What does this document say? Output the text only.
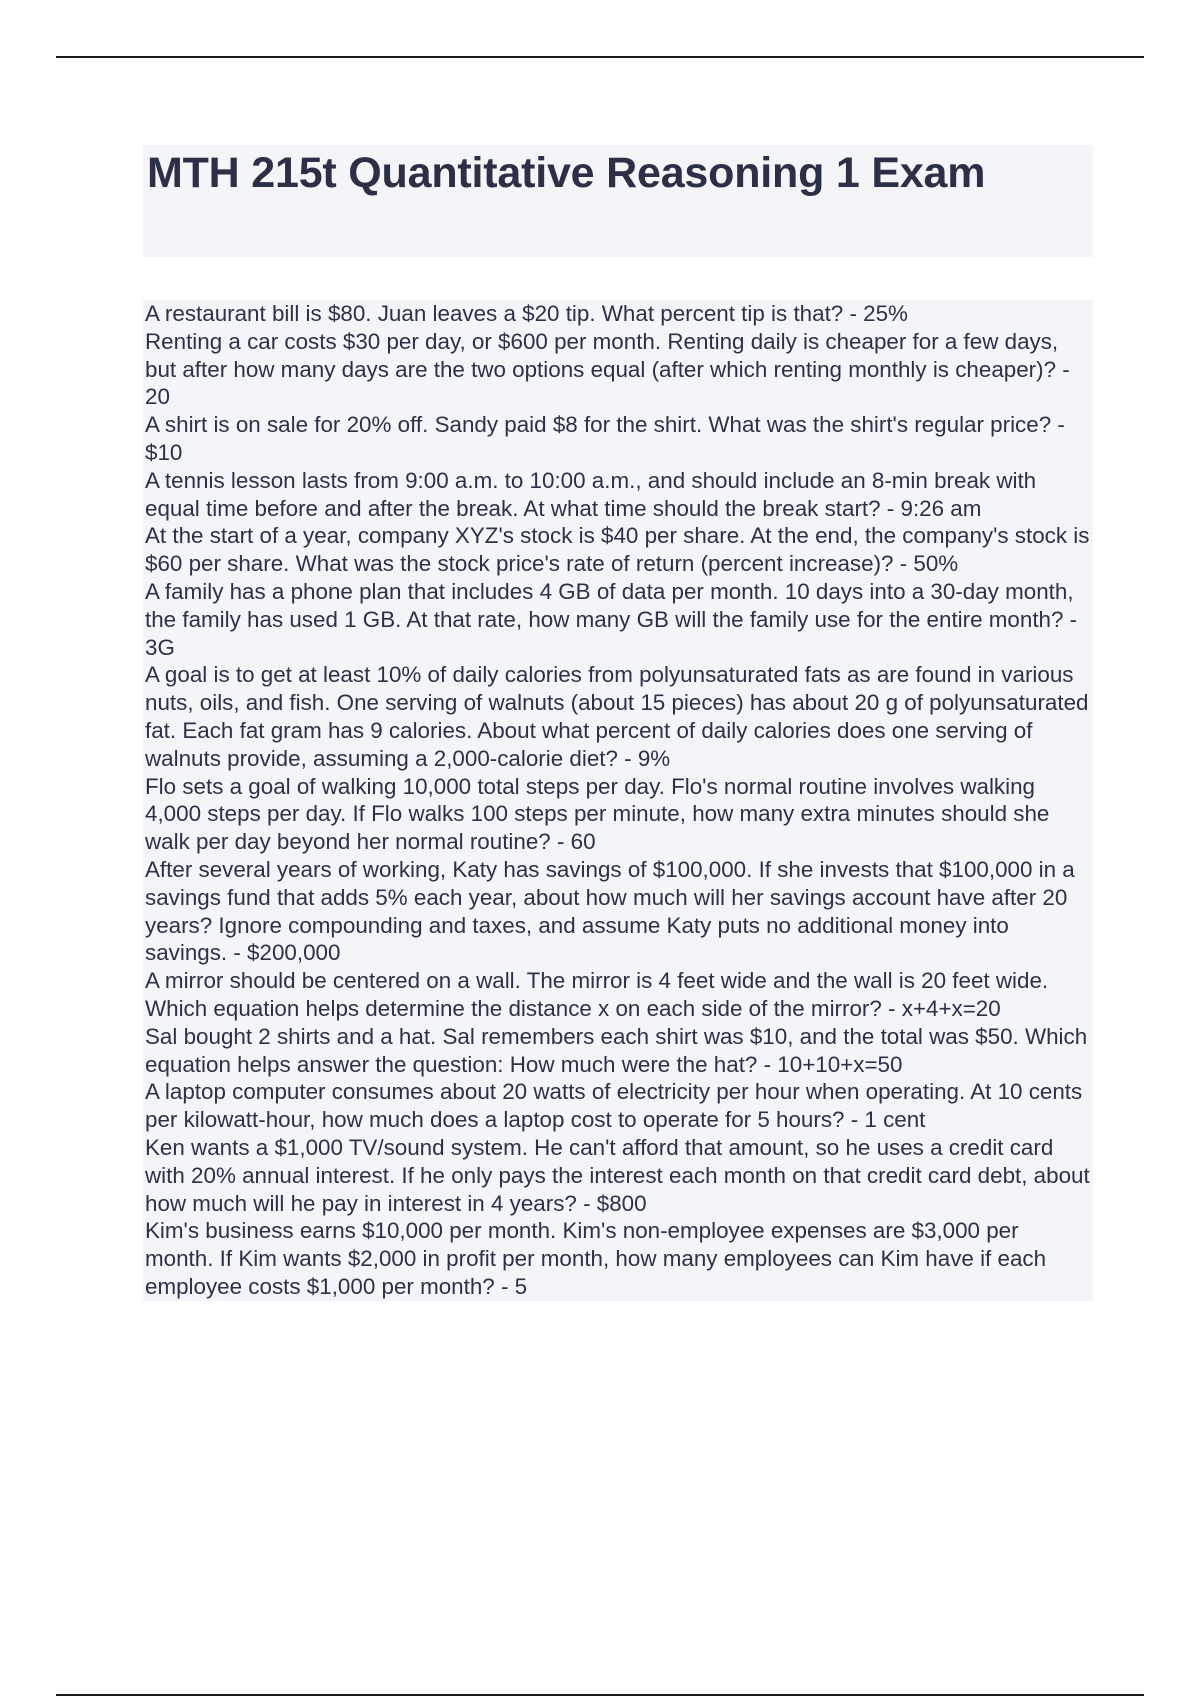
MTH 215t Quantitative Reasoning 1 Exam

A restaurant bill is $80. Juan leaves a $20 tip. What percent tip is that? - 25%

Renting a car costs $30 per day, or $600 per month. Renting daily is cheaper for a few days, but after how many days are the two options equal (after which renting monthly is cheaper)? - 20

A shirt is on sale for 20% off. Sandy paid $8 for the shirt. What was the shirt's regular price? - $10

A tennis lesson lasts from 9:00 a.m. to 10:00 a.m., and should include an 8-min break with equal time before and after the break. At what time should the break start? - 9:26 am

At the start of a year, company XYZ's stock is $40 per share. At the end, the company's stock is $60 per share. What was the stock price's rate of return (percent increase)? - 50%

A family has a phone plan that includes 4 GB of data per month. 10 days into a 30-day month, the family has used 1 GB. At that rate, how many GB will the family use for the entire month? - 3G

A goal is to get at least 10% of daily calories from polyunsaturated fats as are found in various nuts, oils, and fish. One serving of walnuts (about 15 pieces) has about 20 g of polyunsaturated fat. Each fat gram has 9 calories. About what percent of daily calories does one serving of walnuts provide, assuming a 2,000-calorie diet? - 9%

Flo sets a goal of walking 10,000 total steps per day. Flo's normal routine involves walking 4,000 steps per day. If Flo walks 100 steps per minute, how many extra minutes should she walk per day beyond her normal routine? - 60

After several years of working, Katy has savings of $100,000. If she invests that $100,000 in a savings fund that adds 5% each year, about how much will her savings account have after 20 years? Ignore compounding and taxes, and assume Katy puts no additional money into savings. - $200,000

A mirror should be centered on a wall. The mirror is 4 feet wide and the wall is 20 feet wide. Which equation helps determine the distance x on each side of the mirror? - x+4+x=20

Sal bought 2 shirts and a hat. Sal remembers each shirt was $10, and the total was $50. Which equation helps answer the question: How much were the hat? - 10+10+x=50

A laptop computer consumes about 20 watts of electricity per hour when operating. At 10 cents per kilowatt-hour, how much does a laptop cost to operate for 5 hours? - 1 cent

Ken wants a $1,000 TV/sound system. He can't afford that amount, so he uses a credit card with 20% annual interest. If he only pays the interest each month on that credit card debt, about how much will he pay in interest in 4 years? - $800

Kim's business earns $10,000 per month. Kim's non-employee expenses are $3,000 per month. If Kim wants $2,000 in profit per month, how many employees can Kim have if each employee costs $1,000 per month? - 5
